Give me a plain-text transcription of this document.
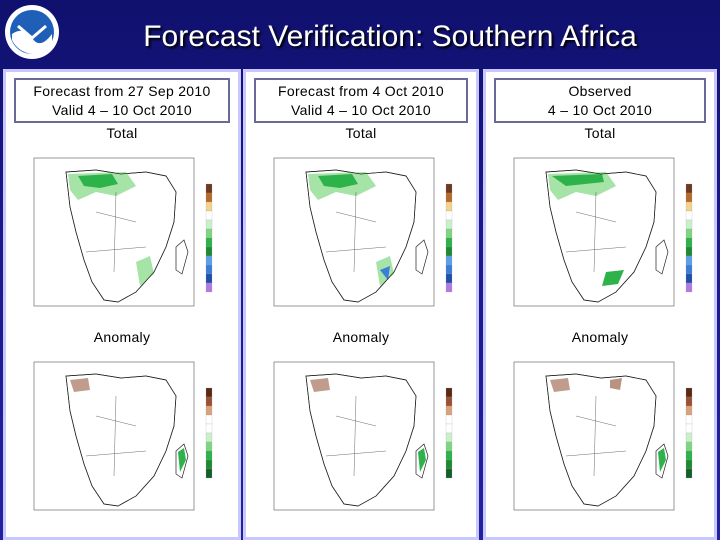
Forecast Verification: Southern Africa
Forecast from 27 Sep 2010
Valid 4 – 10 Oct 2010
Total
Anomaly
Forecast from 4 Oct 2010
Valid 4 – 10 Oct 2010
Total
Anomaly
Observed
4 – 10 Oct 2010
Total
Anomaly
